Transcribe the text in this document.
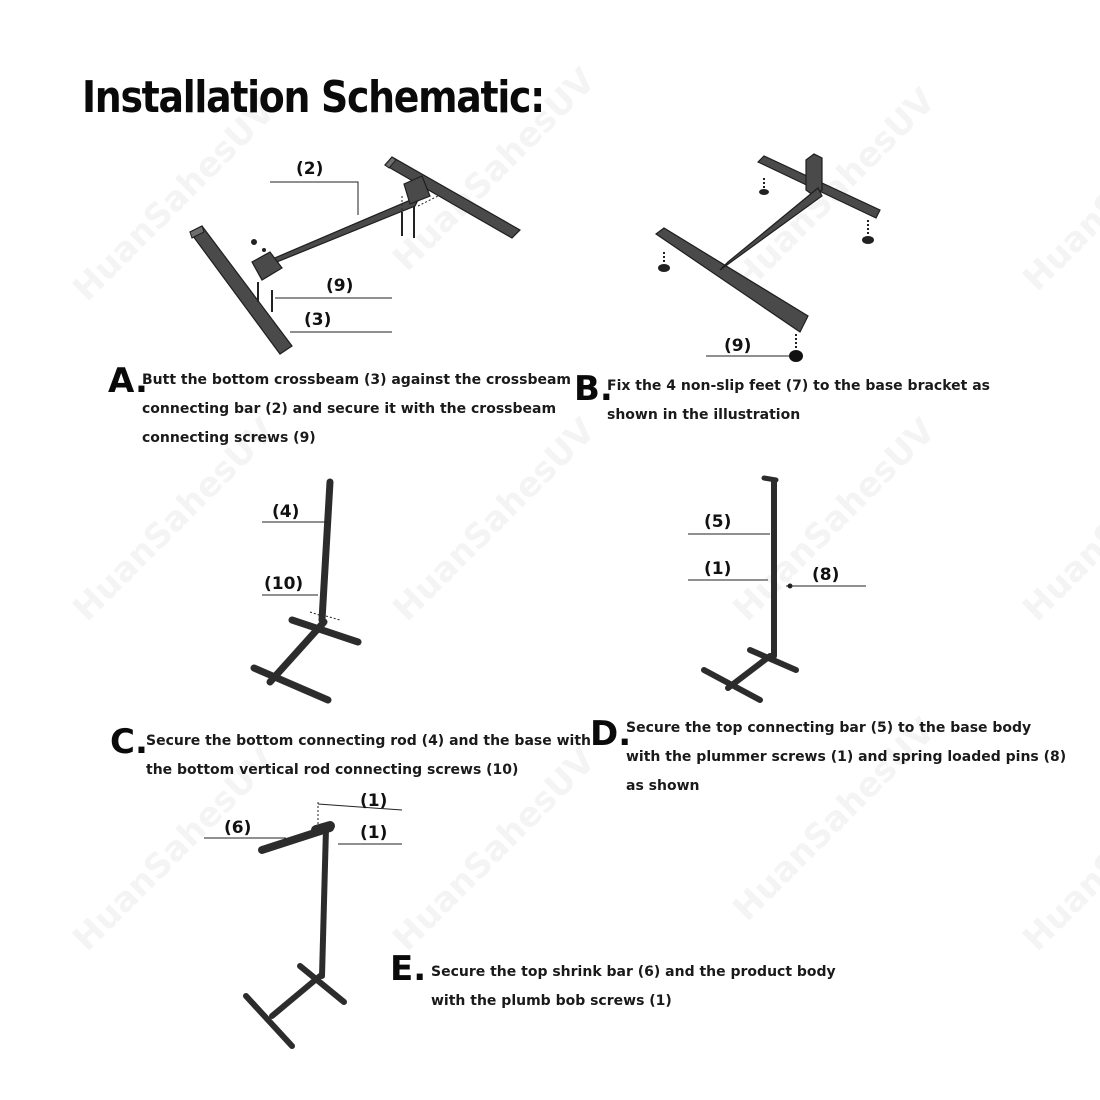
Installation Schematic:
(2)
(9)
(3)
(9)
(4)
(10)
(5)
(1)	(8)
(1)
(6)	(1)
A.
Butt the bottom crossbeam (3) against the crossbeam
connecting bar (2) and secure it with the crossbeam
connecting screws (9)
B.
Fix the 4 non-slip feet (7) to the base bracket as
shown in the illustration
C.
Secure the bottom connecting rod (4) and the base with
the bottom vertical rod connecting screws (10)
D.
Secure the top connecting bar (5) to the base body
with the plummer screws (1) and spring loaded pins (8)
as shown
E. Secure the top shrink bar (6) and the product body
with the plumb bob screws (1)
